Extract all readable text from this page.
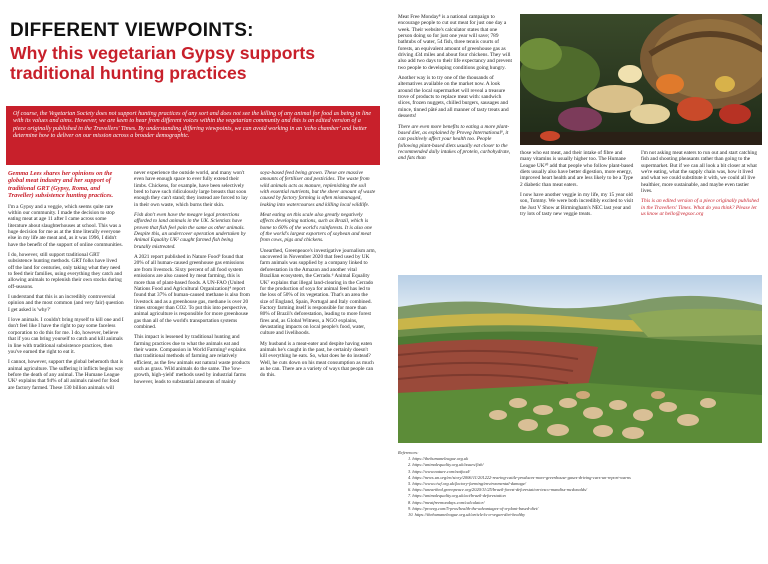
DIFFERENT VIEWPOINTS:
Why this vegetarian Gypsy supports traditional hunting practices
Of course, the Vegetarian Society does not support hunting practices of any sort and does not see the killing of any animal for food as being in line with its values and aims. However, we are keen to hear from different voices within the vegetarian community and this is an edited version of a piece originally published in the Travellers' Times. By understanding differing viewpoints, we can avoid working in an 'echo chamber' and better determine how to deliver on our mission across a broader demographic.

Gemma Lees shares her opinions on the global meat industry and her support of traditional GRT (Gypsy, Roma, and Traveller) subsistence hunting practices.

I'm a Gypsy and a veggie, which seems quite rare within our community. I made the decision to stop eating meat at age 11 after I came across some literature about slaughterhouses at school. This was a huge decision for me as at the time literally everyone else in my life ate meat and, as it was 1996, I didn't have the benefit of the support of online communities.

I do, however, still support traditional GRT subsistence hunting methods. GRT folks have lived off the land for centuries, only taking what they need to feed their families, using everything they catch and allowing animals to replenish their own stocks during off-seasons.

I understand that this is an incredibly controversial opinion and the most common (and very fair) question I get asked is 'why?'

I love animals. I couldn't bring myself to kill one and I don't feel like I have the right to pay some faceless corporation to do this for me. I do, however, believe that if you can bring yourself to catch and kill animals in line with traditional subsistence practices, then you've earned the right to eat it.

I cannot, however, support the global behemoth that is animal agriculture. The suffering it inflicts begins way before the death of any animal. The Humane League UK¹ explains that 94% of all animals raised for food are factory farmed. These 130 billion animals will

never experience the outside world, and many won't even have enough space to ever fully extend their limbs. Chickens, for example, have been selectively bred to have such ridiculously large breasts that soon enough they can't stand; they instead are forced to lay in their own waste, which burns their skin.

Fish don't even have the meagre legal protections afforded to land animals in the UK. Scientists have proven that fish feel pain the same as other animals. Despite this, an undercover operation undertaken by Animal Equality UK² caught farmed fish being brutally mistreated.

A 2021 report published in Nature Food³ found that 20% of all human-caused greenhouse gas emissions are from livestock. Sixty percent of all food system emissions are also caused by meat farming, this is more than of plant-based foods. A UN-FAO (United Nations Food and Agricultural Organization)⁴ report found that 37% of human-caused methane is also from livestock and as a greenhouse gas, methane is over 20 times stronger than CO2. To put this into perspective, animal agriculture is responsible for more greenhouse gas than all of the world's transportation systems combined.

This impact is lessened by traditional hunting and farming practices due to what the animals eat and their waste. Compassion in World Farming⁵ explains that traditional methods of farming are relatively efficient, as the few animals eat natural waste products such as grass. Wild animals do the same. The 'low-growth, high-yield' methods used by industrial farms however, leads to substantial amounts of mainly

soya-based feed being grown. These are massive amounts of fertiliser and pesticides. The waste from wild animals acts as manure, replenishing the soil with essential nutrients, but the sheer amount of waste caused by factory farming is often mismanaged, leaking into watercourses and killing local wildlife.

Meat eating on this scale also greatly negatively affects developing nations, such as Brazil, which is home to 60% of the world's rainforests. It is also one of the world's largest exporters of soybean and meat from cows, pigs and chickens.

Unearthed, Greenpeace's investigative journalism arm, uncovered in November 2020 that feed used by UK farm animals was supplied by a company linked to deforestation in the Amazon and another vital Brazilian ecosystem, the Cerrado.⁶ Animal Equality UK⁷ explains that illegal land-clearing in the Cerrado for the production of soya for animal feed has led to the loss of 50% of its vegetation. That's an area the size of England, Spain, Portugal and Italy combined. Factory farming itself is responsible for more than 80% of Brazil's deforestation, leading to more forest fires and, as Global Witness, a NGO explains, devastating impacts on local people's food, water, culture and livelihoods.

My husband is a meat-eater and despite having eaten animals he's caught in the past, he certainly doesn't kill everything he eats. So, what does he do instead? Well, he cuts down on his meat consumption as much as he can. There are a variety of ways that people can do this.

Meat Free Monday⁸ is a national campaign to encourage people to cut out meat for just one day a week. Their website's calculator states that one person doing so for just one year will save; 789 bathtubs of water, 54 fish, three tennis courts of forests, an equivalent amount of greenhouse gas as driving 434 miles and about four chickens. They will also add two days to their life expectancy and prevent two people to developing conditions going hungry.

Another way is to try one of the thousands of alternatives available on the market now. A look around the local supermarket will reveal a treasure trove of products to replace meat with: sandwich slices, frozen nuggets, chilled burgers, sausages and mince, tinned pâté and all manner of tasty treats and desserts!

There are even more benefits to eating a more plant-based diet, as explained by Proveg International⁹, it can positively affect your health too. People following plant-based diets usually eat closer to the recommended daily intakes of protein, carbohydrate, and fats than

those who eat meat, and their intake of fibre and many vitamins is usually higher too. The Humane League UK¹⁰ add that people who follow plant-based diets usually also have better digestion, more energy, improved heart health and are less likely to be a Type 2 diabetic than meat eaters.

I now have another veggie in my life, my 15 year old son, Tommy. We were both incredibly excited to visit the Just V Show at Birmingham's NEC last year and try lots of tasty new veggie treats.

I'm not asking meat eaters to run out and start catching fish and shooting pheasants rather than going to the supermarket. But if we can all look a bit closer at what we're eating, what the supply chain was, how it lived and what we could substitute it with, we could all live healthier, more sustainable, and maybe even tastier lives.

This is an edited version of a piece originally published in the Travellers' Times. What do you think? Please let us know at hello@vegsoc.org

References:
1. https://thehumaneleague.org.uk
2. https://animalequality.org.uk/issues/fish/
3. https://www.nature.com/natfood/
4. https://news.un.org/en/story/2006/11/201222-rearing-cattle-produces-more-greenhouse-gases-driving-cars-un-report-warns
5. https://www.ciwf.org.uk/factory-farming/environmental-damage/
6. https://unearthed.greenpeace.org/2020/11/25/brazil-forest-deforestation-tesco-mandiss-mcdonalds/
7. https://animalequality.org.uk/act/brazil-deforestation
8. https://meatfreemondays.com/calculator/
9. https://proveg.com/5-pros/health-the-advantages-of-a-plant-based-diet/
10. https://thehumaneleague.org.uk/article/is-a-vegan-diet-healthy
